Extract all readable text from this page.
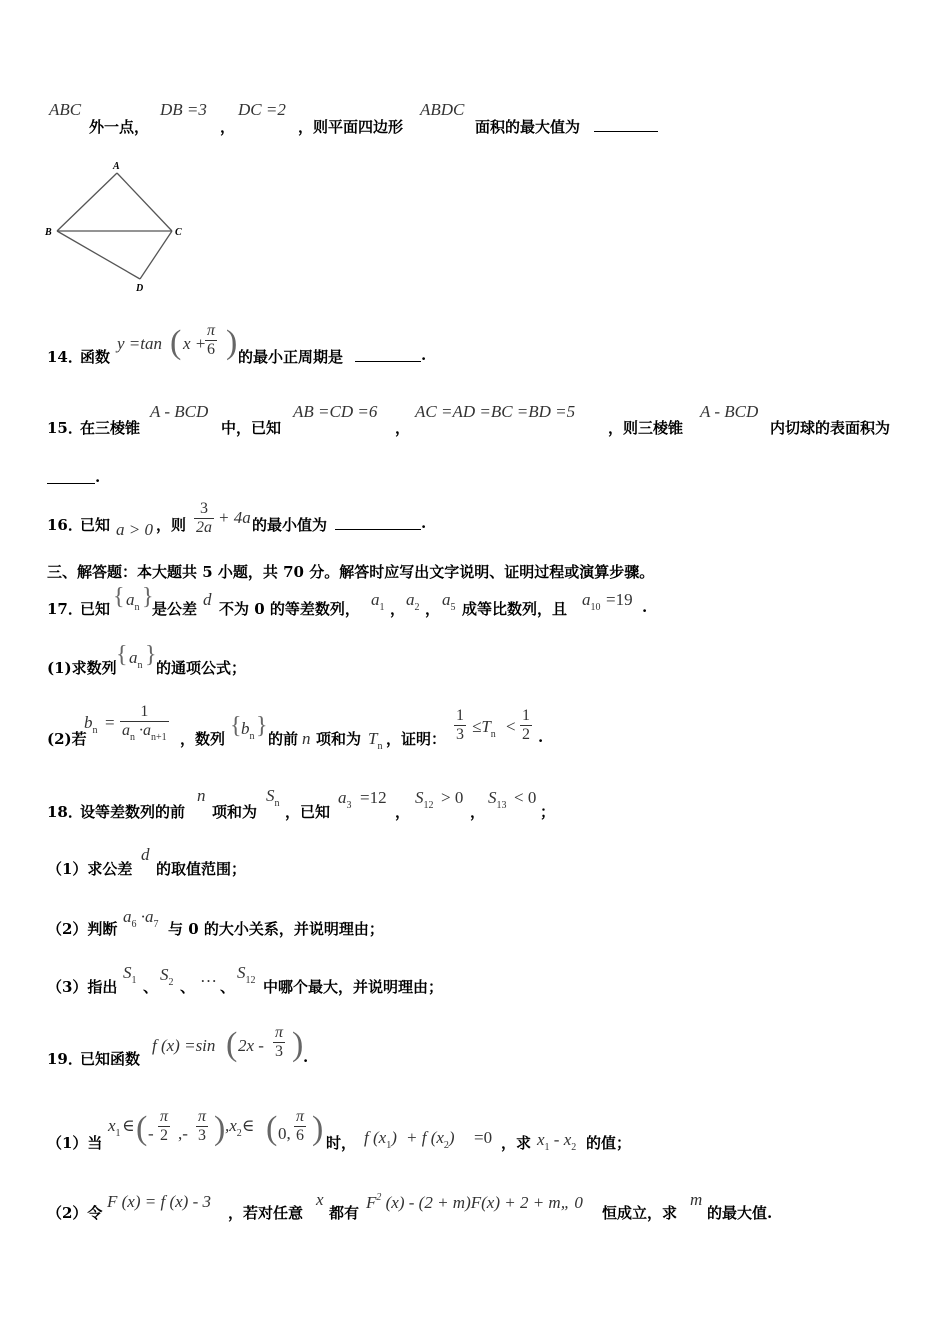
ABC
外一点，
DB =3
，
DC =2
，则平面四边形
ABDC
面积的最大值为
A
B	C
D
14．
函数
y =tan ( x +
$\frac{\pi}{6}$ ) 的最小正周期是	.
15．
在三棱锥
A - BCD
中，已知
AB =CD =6
，
AC =AD =BC =BD =5
，则三棱锥
A - BCD
内切球的表面积为
.
16．
已知 a > 0 ，则 $\frac{3}{2a} + 4a$ 的最小值为	.
三、解答题：本大题共 5 小题，共 70 分。解答时应写出文字说明、证明过程或演算步骤。
17．
已知 { $a_n$ }
是公差 d 不为 0 的等差数列， $a_1$ ， $a_2$ ， $a_5$ 成等比数列，且 $a_{10} =19$ .
(1)求数列 { $a_n$ } 的通项公式；
(2)若
$b_n = \frac{1}{a_n \cdot a_{n+1}}$ ，数列 { $b_n$ } 的前 n 项和为 $T_n$ ，证明： $\frac{1}{3} \le T_n < \frac{1}{2}$ .
18．
设等差数列的前
n
项和为
$S_n$ ，已知
$a_3 =12$
，
$S_{12} > 0$
，
$S_{13} < 0$
；
（1）求公差
d
的取值范围；
（2）判断
$a_6 \cdot a_7$ 与 0 的大小关系，并说明理由；
（3）指出
$S_1$ 、
$S_2$ 、
…
、
$S_{12}$ 中哪个最大，并说明理由；
19．
已知函数
f (x) =sin ( $2x - \frac{\pi}{3}$ ) .
（1）当
$x_1$ ∈ ( - $\frac{\pi}{2}$ ,- $\frac{\pi}{3}$ ) $,x_2\in$ ( 0, $\frac{\pi}{6}$ ) 时， f $(x_1) + f$ $(x_2) =0$ ，求 $x_1 - x_2$ 的值；
（2）令
F (x) = f (x) - 3
，若对任意
x
都有
$F^2$ (x) - (2 + m)F(x) + 2 + m„ 0
恒成立，求
m
的最大值.
